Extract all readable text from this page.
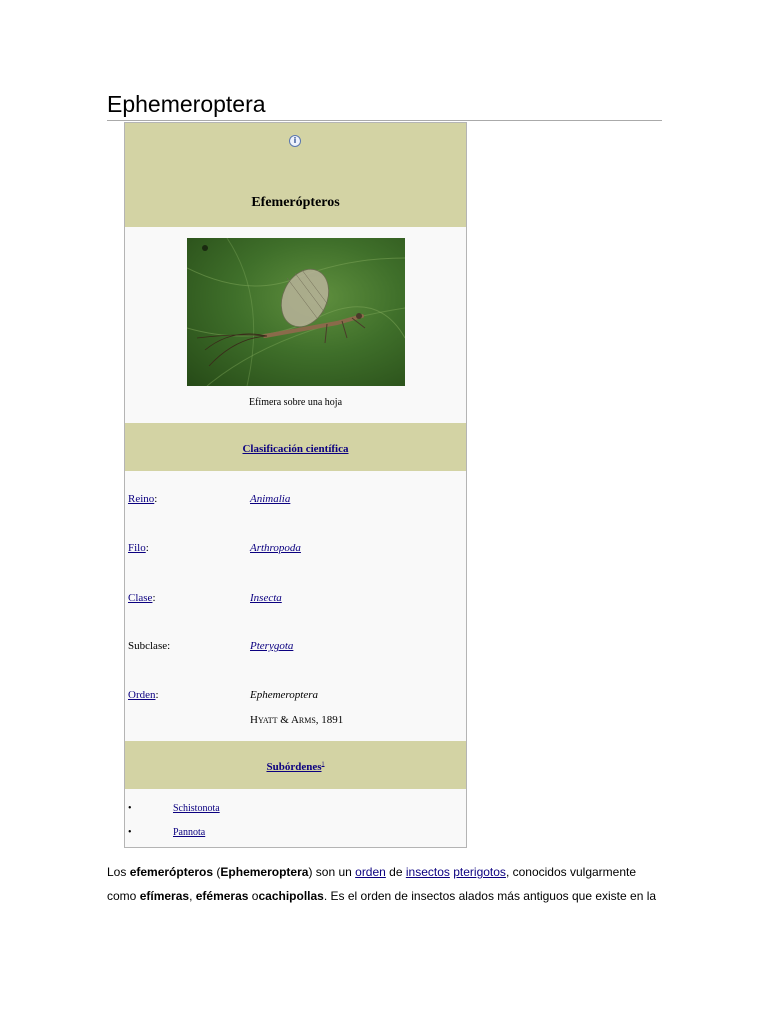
Ephemeroptera
i
Efemerópteros
Efímera sobre una hoja
Clasificación científica
Reino:	Animalia
Filo:	Arthropoda
Clase:	Insecta
Subclase:	Pterygota
Orden:	Ephemeroptera
Hyatt & Arms, 1891
Subórdenes$^1$
•	Schistonota
•	Pannota
Los efemerópteros (Ephemeroptera) son un orden de insectos pterigotos, conocidos vulgarmente como efímeras, efémeras ocachipollas. Es el orden de insectos alados más antiguos que existe en la
